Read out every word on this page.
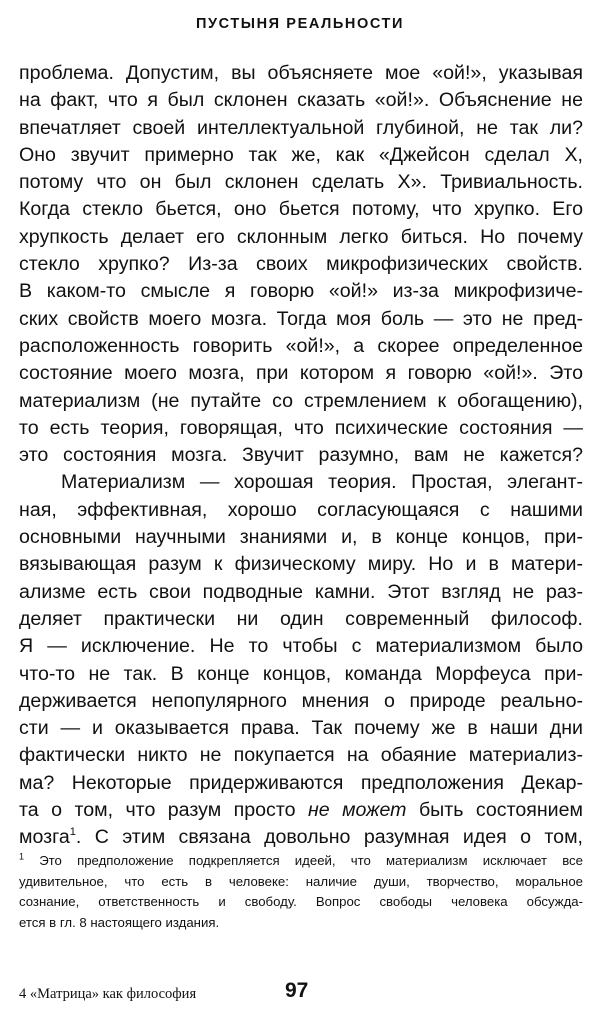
ПУСТЫНЯ РЕАЛЬНОСТИ
проблема. Допустим, вы объясняете мое «ой!», указывая
на факт, что я был склонен сказать «ой!». Объяснение не
впечатляет своей интеллектуальной глубиной, не так ли?
Оно звучит примерно так же, как «Джейсон сделал X,
потому что он был склонен сделать X». Тривиальность.
Когда стекло бьется, оно бьется потому, что хрупко. Его
хрупкость делает его склонным легко биться. Но почему
стекло хрупко? Из-за своих микрофизических свойств.
В каком-то смысле я говорю «ой!» из-за микрофизиче-
ских свойств моего мозга. Тогда моя боль — это не пред-
расположенность говорить «ой!», а скорее определенное
состояние моего мозга, при котором я говорю «ой!». Это
материализм (не путайте со стремлением к обогащению),
то есть теория, говорящая, что психические состояния —
это состояния мозга. Звучит разумно, вам не кажется?
Материализм — хорошая теория. Простая, элегант-
ная, эффективная, хорошо согласующаяся с нашими
основными научными знаниями и, в конце концов, при-
вязывающая разум к физическому миру. Но и в матери-
ализме есть свои подводные камни. Этот взгляд не раз-
деляет практически ни один современный философ.
Я — исключение. Не то чтобы с материализмом было
что-то не так. В конце концов, команда Морфеуса при-
держивается непопулярного мнения о природе реально-
сти — и оказывается права. Так почему же в наши дни
фактически никто не покупается на обаяние материализ-
ма? Некоторые придерживаются предположения Декар-
та о том, что разум просто не может быть состоянием
мозга$^1$. С этим связана довольно разумная идея о том,
$^1$ Это предположение подкрепляется идеей, что материализм исключает все
удивительное, что есть в человеке: наличие души, творчество, моральное
сознание, ответственность и свободу. Вопрос свободы человека обсужда-
ется в гл. 8 настоящего издания.
4 «Матрица» как философия	97
